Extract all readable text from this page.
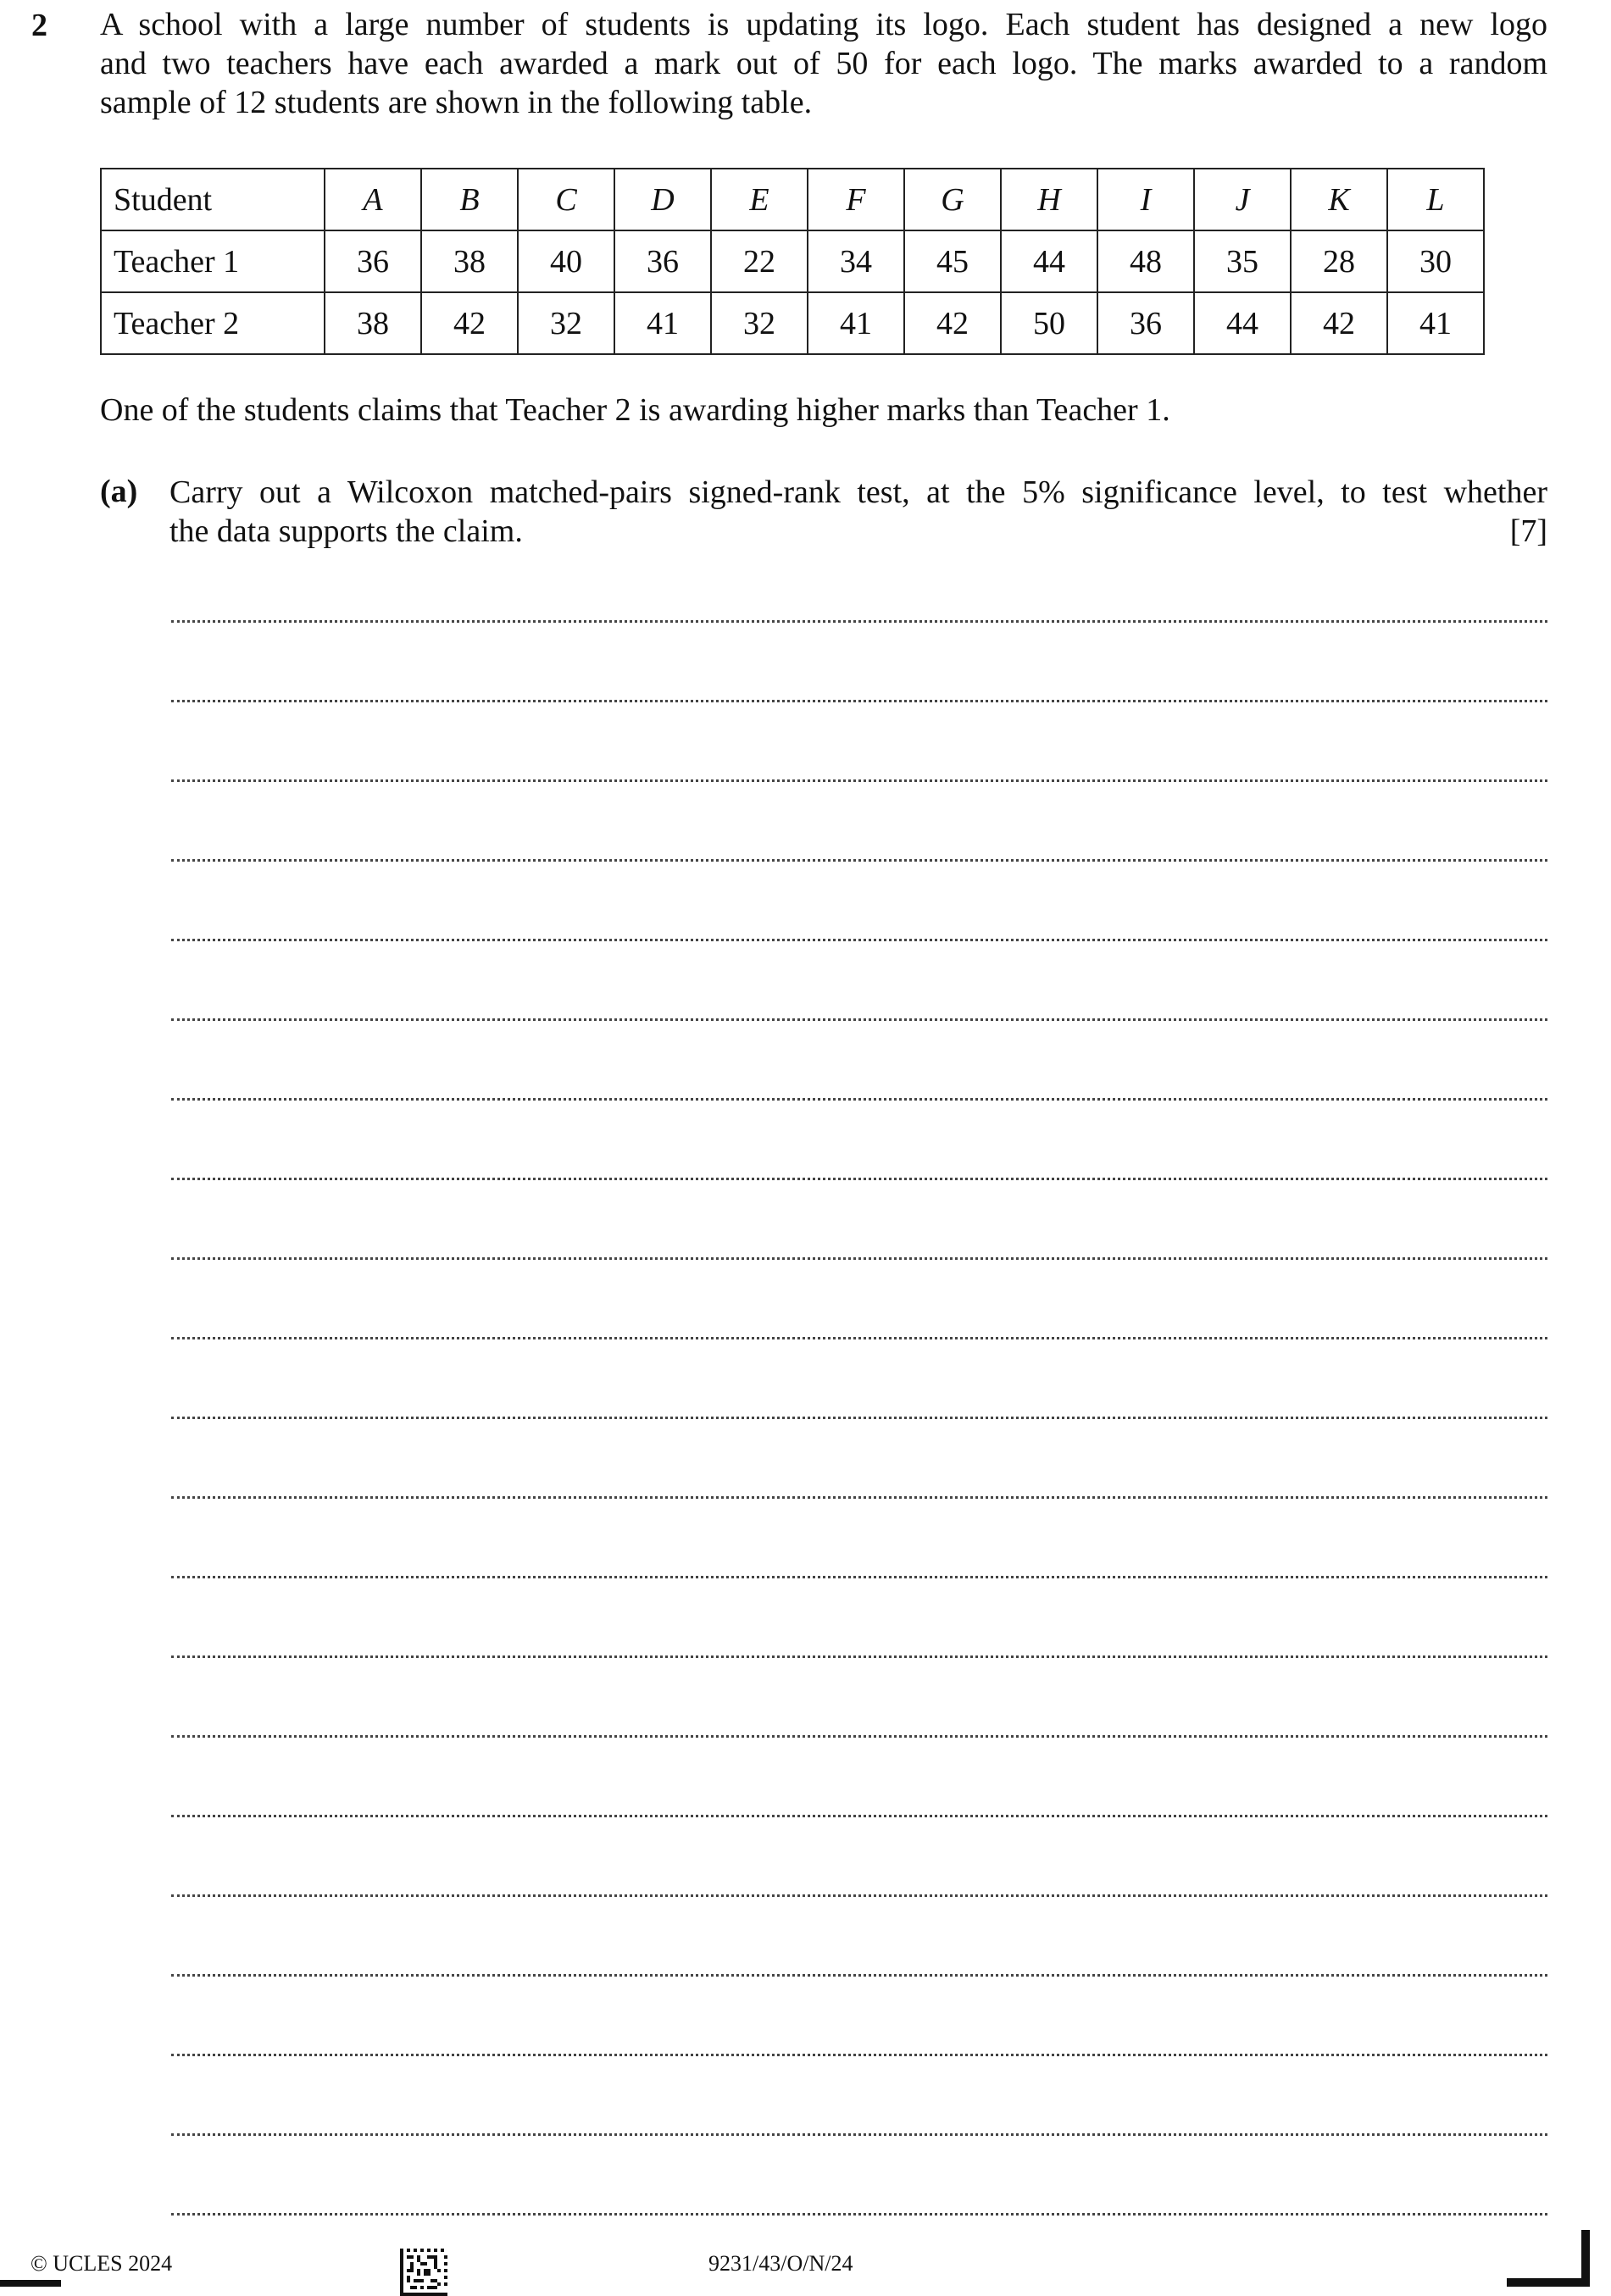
2 A school with a large number of students is updating its logo. Each student has designed a new logo
and two teachers have each awarded a mark out of 50 for each logo. The marks awarded to a random
sample of 12 students are shown in the following table.
Student	A	B	C	D	E	F	G	H	I	J	K	L
Teacher 1	36	38	40	36	22	34	45	44	48	35	28	30
Teacher 2	38	42	32	41	32	41	42	50	36	44	42	41
One of the students claims that Teacher 2 is awarding higher marks than Teacher 1.
(a) Carry out a Wilcoxon matched-pairs signed-rank test, at the 5% significance level, to test whether
the data supports the claim.	[7]
© UCLES 2024	9231/43/O/N/24
